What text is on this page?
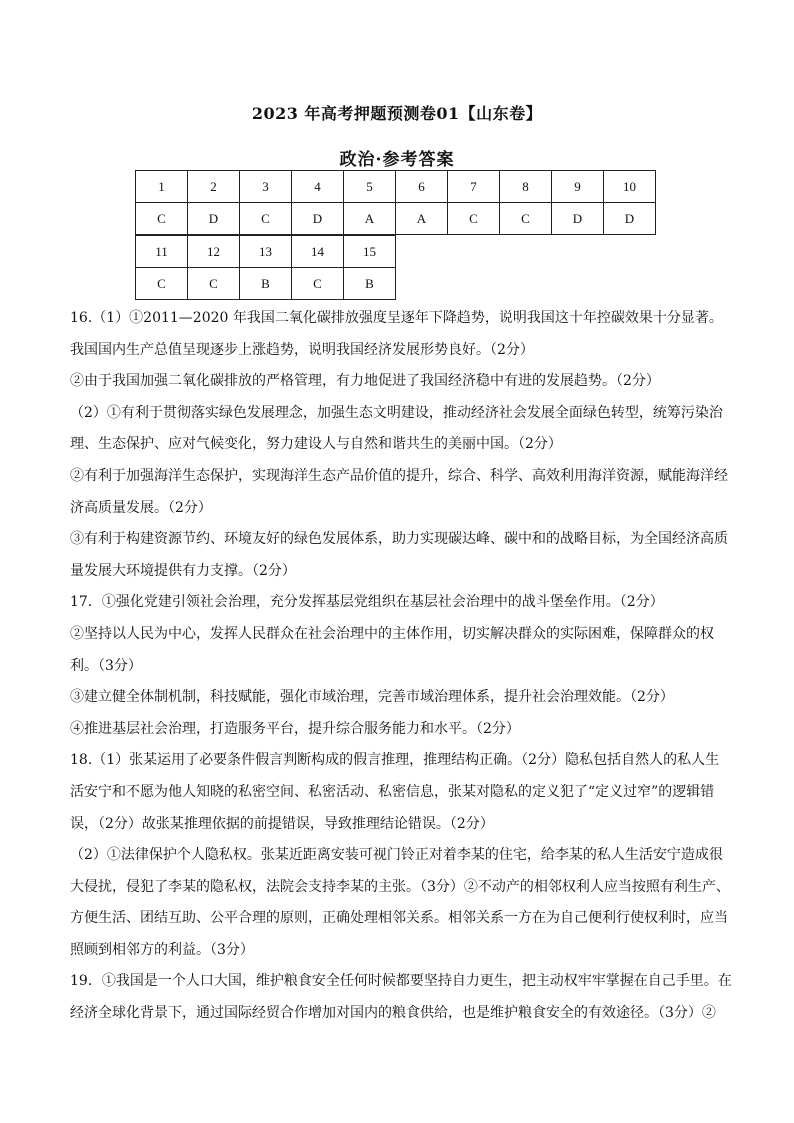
2023 年高考押题预测卷01【山东卷】
政治·参考答案
1	2	3	4	5	6	7	8	9	10
C	D	C	D	A	A	C	C	D	D
11	12	13	14	15
C	C	B	C	B

16.（1）①2011—2020 年我国二氧化碳排放强度呈逐年下降趋势，说明我国这十年控碳效果十分显著。我国国内生产总值呈现逐步上涨趋势，说明我国经济发展形势良好。（2分）

②由于我国加强二氧化碳排放的严格管理，有力地促进了我国经济稳中有进的发展趋势。（2分）

（2）①有利于贯彻落实绿色发展理念，加强生态文明建设，推动经济社会发展全面绿色转型，统筹污染治理、生态保护、应对气候变化，努力建设人与自然和谐共生的美丽中国。（2分）

②有利于加强海洋生态保护，实现海洋生态产品价值的提升，综合、科学、高效利用海洋资源，赋能海洋经济高质量发展。（2分）

③有利于构建资源节约、环境友好的绿色发展体系，助力实现碳达峰、碳中和的战略目标，为全国经济高质量发展大环境提供有力支撑。（2分）

17．①强化党建引领社会治理，充分发挥基层党组织在基层社会治理中的战斗堡垒作用。（2分）

②坚持以人民为中心，发挥人民群众在社会治理中的主体作用，切实解决群众的实际困难，保障群众的权利。（3分）

③建立健全体制机制，科技赋能，强化市域治理，完善市域治理体系，提升社会治理效能。（2分）

④推进基层社会治理，打造服务平台，提升综合服务能力和水平。（2分）

18.（1）张某运用了必要条件假言判断构成的假言推理，推理结构正确。（2分）隐私包括自然人的私人生活安宁和不愿为他人知晓的私密空间、私密活动、私密信息，张某对隐私的定义犯了“定义过窄”的逻辑错误，（2分）故张某推理依据的前提错误，导致推理结论错误。（2分）

（2）①法律保护个人隐私权。张某近距离安装可视门铃正对着李某的住宅，给李某的私人生活安宁造成很大侵扰，侵犯了李某的隐私权，法院会支持李某的主张。（3分）②不动产的相邻权利人应当按照有利生产、方便生活、团结互助、公平合理的原则，正确处理相邻关系。相邻关系一方在为自己便利行使权利时，应当照顾到相邻方的利益。（3分）

19．①我国是一个人口大国，维护粮食安全任何时候都要坚持自力更生，把主动权牢牢掌握在自己手里。在经济全球化背景下，通过国际经贸合作增加对国内的粮食供给，也是维护粮食安全的有效途径。（3分）②
